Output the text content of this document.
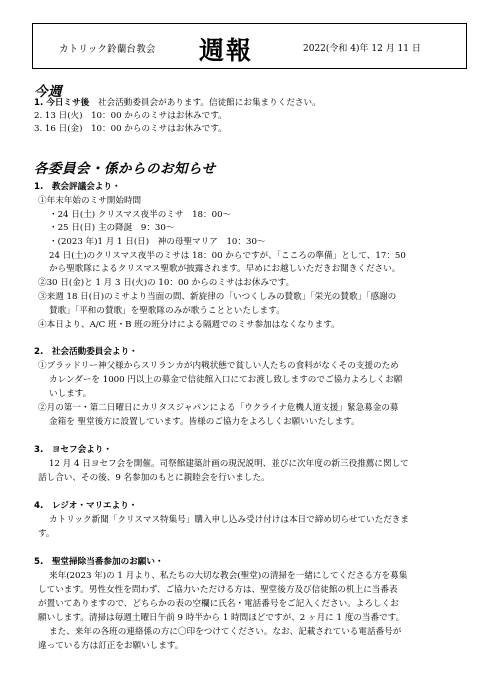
カトリック鈴蘭台教会 週報	2022(令和 4)年 12 月 11 日
今週
1. 今日ミサ後 社会活動委員会があります。信徒館にお集まりください。
2. 13 日(火)　10：00 からのミサはお休みです。
3. 16 日(金)　10：00 からのミサはお休みです。
各委員会・係からのお知らせ
1.　教会評議会より・
①年末年始のミサ開始時間
・24 日(土) クリスマス夜半のミサ　18：00～
・25 日(日) 主の降誕　9：30～
・(2023 年)1 月 1 日(日)　神の母聖マリア　10：30～
24 日(土)のクリスマス夜半のミサは 18：00 からですが、「こころの準備」として、17：50
から聖歌隊によるクリスマス聖歌が披露されます。早めにお越しいただきお聞きください。
②30 日(金)と 1 月 3 日(火)の 10：00 からのミサはお休みです。
③来週 18 日(日)のミサより当面の間、新旋律の「いつくしみの賛歌」「栄光の賛歌」「感謝の
賛歌」「平和の賛歌」を聖歌隊のみが歌うことといたします。
④本日より、A/C 班・B 班の班分けによる隔週でのミサ参加はなくなります。
2.　社会活動委員会より・
①ブラッドリー神父様からスリランカが内戦状態で貧しい人たちの食料がなくその支援のため
カレンダーを 1000 円以上の募金で信徒館入口にてお渡し致しますのでご協力よろしくお願
いします。
②月の第一・第二日曜日にカリタスジャパンによる「ウクライナ危機人道支援」緊急募金の募
金箱を 聖堂後方に設置しています。皆様のご協力をよろしくお願いいたします。
3.　ヨセフ会より・
12 月 4 日ヨセフ会を開催。司祭館建築計画の現況説明、並びに次年度の新三役推薦に関して
話し合い、その後、9 名参加のもとに親睦会を行いました。
4.　レジオ・マリエより・
カトリック新聞「クリスマス特集号」購入申し込み受け付けは本日で締め切らせていただきま
す。
5.　聖堂掃除当番参加のお願い・
来年(2023 年)の 1 月より、私たちの大切な教会(聖堂)の清掃を一緒にしてくださる方を募集
しています。男性女性を問わず、ご協力いただける方は、聖堂後方及び信徒館の机上に当番表
が置いてありますので、どちらかの表の空欄に氏名・電話番号をご記入ください。よろしくお
願いします。清掃は毎週土曜日午前 9 時半から 1 時間ほどですが、2 ヶ月に 1 度の当番です。
また、来年の各班の連絡係の方に〇印をつけてください。なお、記載されている電話番号が
違っている方は訂正をお願いします。
